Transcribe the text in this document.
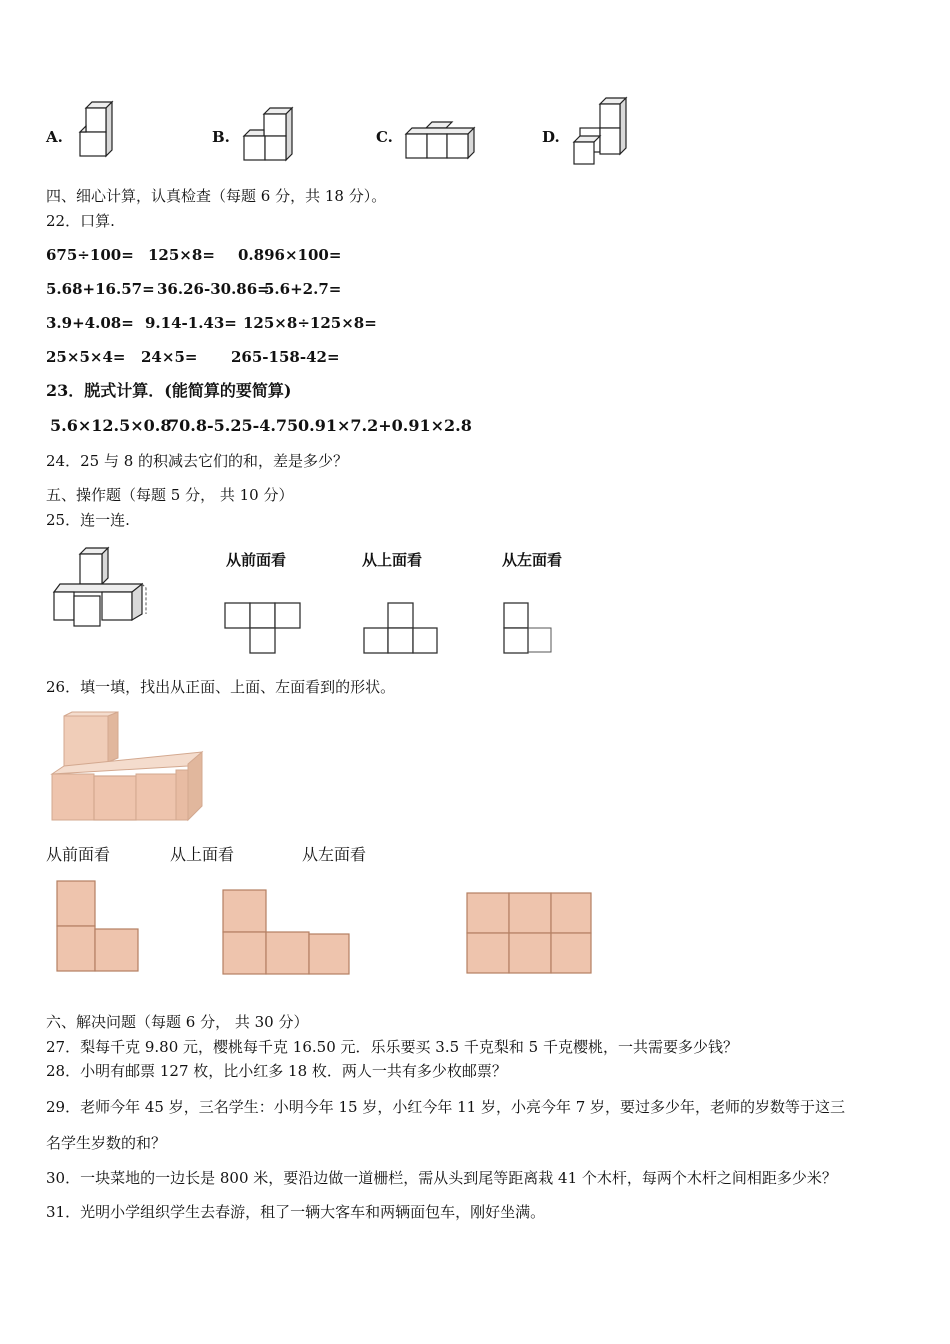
A.	B.	C.	D.
四、细心计算，认真检查（每题 6 分，共 18 分）。
22．口算.
675÷100= 125×8= 0.896×100=
5.68+16.57= 36.26-30.86=
5.6+2.7=
3.9+4.08= 9.14-1.43= 125×8÷125×8=
25×5×4= 24×5= 265-158-42=
23．脱式计算．(能简算的要简算)
5.6×12.5×0.8
70.8-5.25-4.75 0.91×7.2+0.91×2.8
24．25 与 8 的积减去它们的和，差是多少？
五、操作题（每题 5 分， 共 10 分）
25．连一连.
从前面看	从上面看	从左面看
26．填一填，找出从正面、上面、左面看到的形状。
从前面看	从上面看	从左面看
六、解决问题（每题 6 分， 共 30 分）
27．梨每千克 9.80 元，樱桃每千克 16.50 元．乐乐要买 3.5 千克梨和 5 千克樱桃，一共需要多少钱？
28．小明有邮票 127 枚，比小红多 18 枚．两人一共有多少枚邮票？
29．老师今年 45 岁，三名学生：小明今年 15 岁，小红今年 11 岁，小亮今年 7 岁，要过多少年，老师的岁数等于这三
名学生岁数的和？
30．一块菜地的一边长是 800 米，要沿边做一道栅栏，需从头到尾等距离栽 41 个木杆，每两个木杆之间相距多少米？
31．光明小学组织学生去春游，租了一辆大客车和两辆面包车，刚好坐满。
